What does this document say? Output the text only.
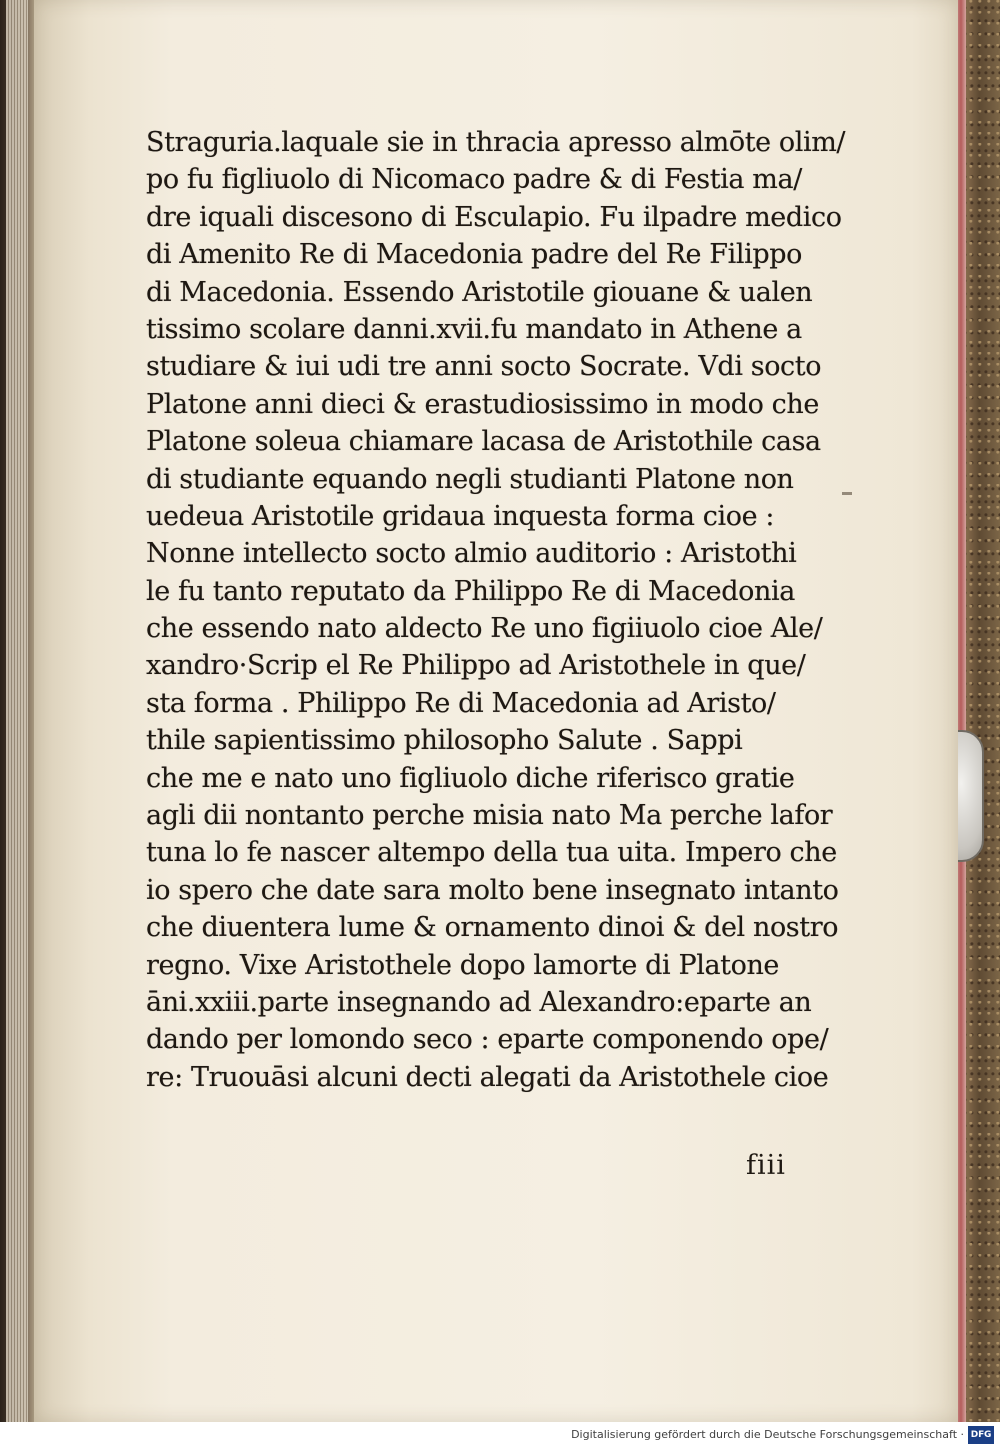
Straguria.laquale sie in thracia apresso almōte olim/
po fu figliuolo di Nicomaco padre & di Festia ma/
dre iquali discesono di Esculapio. Fu ilpadre medico
di Amenito Re di Macedonia padre del Re Filippo
di Macedonia. Essendo Aristotile giouane & ualen
tissimo scolare danni.xvii.fu mandato in Athene a
studiare & iui udi tre anni socto Socrate. Vdi socto
Platone anni dieci & erastudiosissimo in modo che
Platone soleua chiamare lacasa de Aristothile casa
di studiante equando negli studianti Platone non
uedeua Aristotile gridaua inquesta forma cioe :
Nonne intellecto socto almio auditorio : Aristothi
le fu tanto reputato da Philippo Re di Macedonia
che essendo nato aldecto Re uno figiiuolo cioe Ale/
xandro·Scrip el Re Philippo ad Aristothele in que/
sta forma . Philippo Re di Macedonia ad Aristo/
thile sapientissimo philosopho Salute . Sappi
che me e nato uno figliuolo diche riferisco gratie
agli dii nontanto perche misia nato Ma perche lafor
tuna lo fe nascer altempo della tua uita. Impero che
io spero che date sara molto bene insegnato intanto
che diuentera lume & ornamento dinoi & del nostro
regno. Vixe Aristothele dopo lamorte di Platone
āni.xxiii.parte insegnando ad Alexandro:eparte an
dando per lomondo seco : eparte componendo ope/
re: Truouāsi alcuni decti alegati da Aristothele cioe
fiii
Digitalisierung gefördert durch die Deutsche Forschungsgemeinschaft · DFG
